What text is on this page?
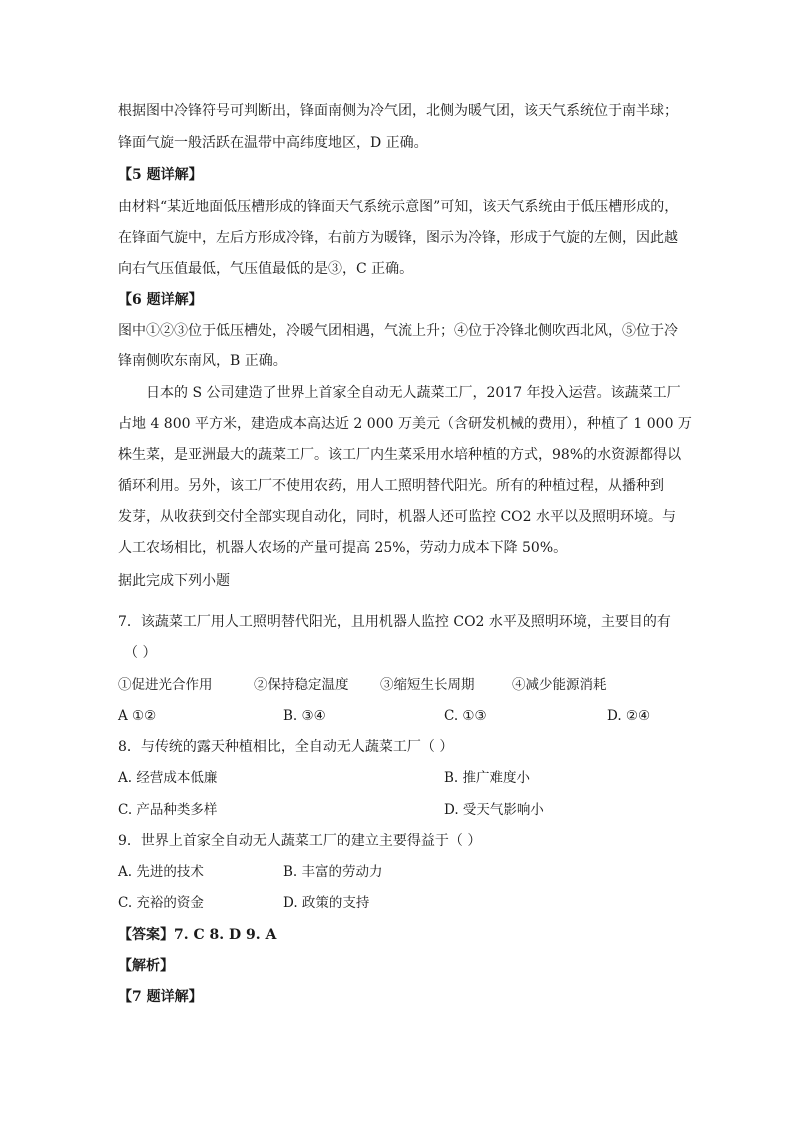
根据图中冷锋符号可判断出，锋面南侧为冷气团，北侧为暖气团，该天气系统位于南半球；
锋面气旋一般活跃在温带中高纬度地区，D 正确。
【5 题详解】
由材料“某近地面低压槽形成的锋面天气系统示意图”可知，该天气系统由于低压槽形成的，
在锋面气旋中，左后方形成冷锋，右前方为暖锋，图示为冷锋，形成于气旋的左侧，因此越
向右气压值最低，气压值最低的是③，C 正确。
【6 题详解】
图中①②③位于低压槽处，冷暖气团相遇，气流上升；④位于冷锋北侧吹西北风，⑤位于冷
锋南侧吹东南风，B 正确。
日本的 S 公司建造了世界上首家全自动无人蔬菜工厂，2017 年投入运营。该蔬菜工厂
占地 4 800 平方米，建造成本高达近 2 000 万美元（含研发机械的费用），种植了 1 000 万
株生菜，是亚洲最大的蔬菜工厂。该工厂内生菜采用水培种植的方式，98%的水资源都得以
循环利用。另外，该工厂不使用农药，用人工照明替代阳光。所有的种植过程，从播种到
发芽，从收获到交付全部实现自动化，同时，机器人还可监控 CO2 水平以及照明环境。与
人工农场相比，机器人农场的产量可提高 25%，劳动力成本下降 50%。
据此完成下列小题
7．该蔬菜工厂用人工照明替代阳光，且用机器人监控 CO2 水平及照明环境，主要目的有
（ ）
①促进光合作用	②保持稳定温度 ③缩短生长周期	④减少能源消耗
A ①②	B. ③④	C. ①③	D. ②④
8．与传统的露天种植相比，全自动无人蔬菜工厂（ ）
A. 经营成本低廉	B. 推广难度小
C. 产品种类多样	D. 受天气影响小
9．世界上首家全自动无人蔬菜工厂的建立主要得益于（ ）
A. 先进的技术	B. 丰富的劳动力
C. 充裕的资金	D. 政策的支持
【答案】7. C 8. D 9. A
【解析】
【7 题详解】
